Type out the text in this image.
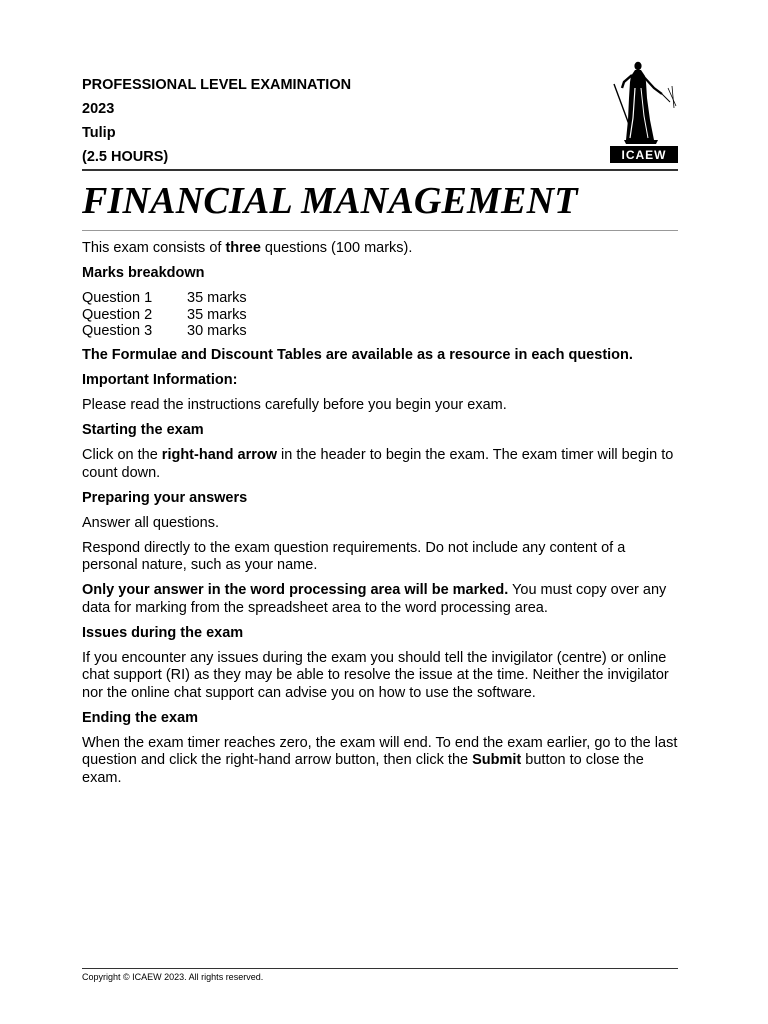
PROFESSIONAL LEVEL EXAMINATION
2023
Tulip
(2.5 HOURS)	ICAEW
FINANCIAL MANAGEMENT

This exam consists of three questions (100 marks).

Marks breakdown

Question 1	35 marks
Question 2	35 marks
Question 3	30 marks

The Formulae and Discount Tables are available as a resource in each question.

Important Information:

Please read the instructions carefully before you begin your exam.

Starting the exam

Click on the right-hand arrow in the header to begin the exam. The exam timer will begin to count down.

Preparing your answers

Answer all questions.

Respond directly to the exam question requirements. Do not include any content of a personal nature, such as your name.

Only your answer in the word processing area will be marked. You must copy over any data for marking from the spreadsheet area to the word processing area.

Issues during the exam

If you encounter any issues during the exam you should tell the invigilator (centre) or online chat support (RI) as they may be able to resolve the issue at the time. Neither the invigilator nor the online chat support can advise you on how to use the software.

Ending the exam

When the exam timer reaches zero, the exam will end. To end the exam earlier, go to the last question and click the right-hand arrow button, then click the Submit button to close the exam.

Copyright © ICAEW 2023. All rights reserved.
